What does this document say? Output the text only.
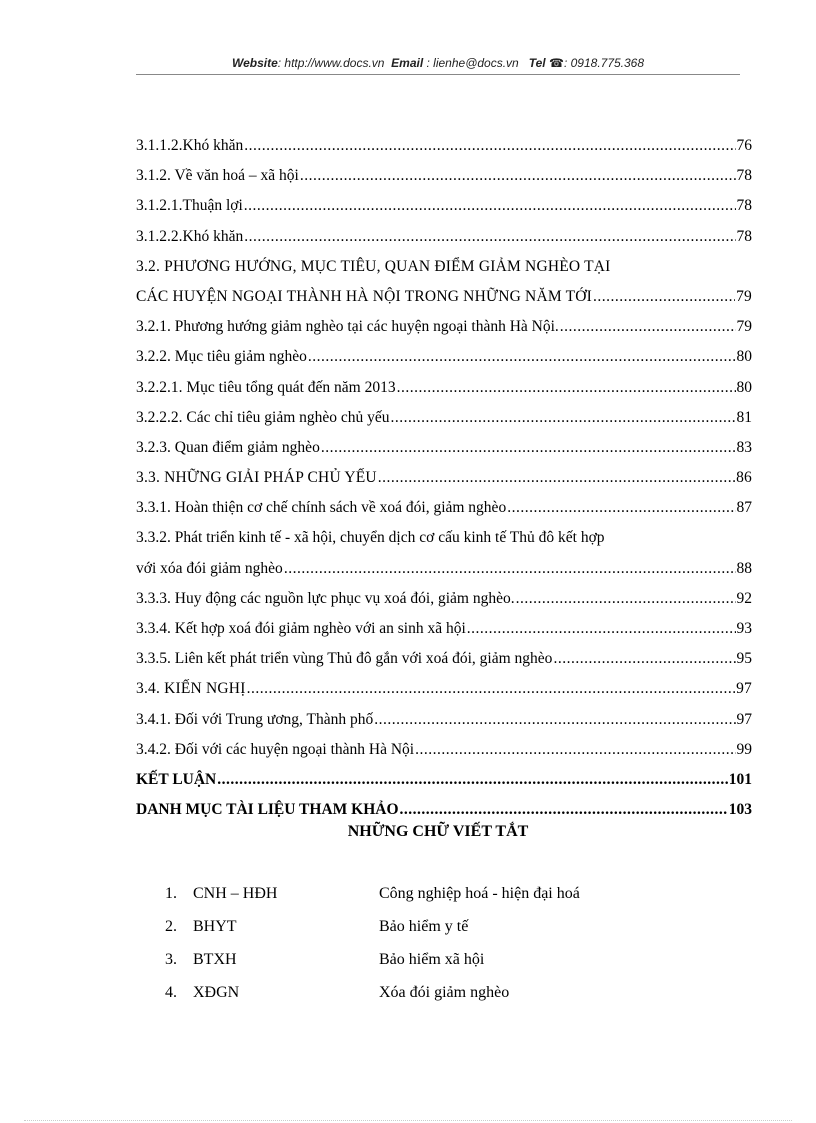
Website: http://www.docs.vn Email : lienhe@docs.vn Tel ☎: 0918.775.368
3.1.1.2.Khó khăn .....	76
3.1.2. Về văn hoá – xã hội .....	78
3.1.2.1.Thuận lợi .....	78
3.1.2.2.Khó khăn .....	78
3.2. PHƯƠNG HƯỚNG, MỤC TIÊU, QUAN ĐIỂM GIẢM NGHÈO TẠI
CÁC HUYỆN NGOẠI THÀNH HÀ NỘI TRONG NHỮNG NĂM TỚI .....	79
3.2.1. Phương hướng giảm nghèo tại các huyện ngoại thành Hà Nội. .....	79
3.2.2. Mục tiêu giảm nghèo .....	80
3.2.2.1. Mục tiêu tổng quát đến năm 2013 .....	80
3.2.2.2. Các chỉ tiêu giảm nghèo chủ yếu .....	81
3.2.3. Quan điểm giảm nghèo .....	83
3.3. NHỮNG GIẢI PHÁP CHỦ YẾU .....	86
3.3.1. Hoàn thiện cơ chế chính sách về xoá đói, giảm nghèo .....	87
3.3.2. Phát triển kinh tế - xã hội, chuyển dịch cơ cấu kinh tế Thủ đô kết hợp
với xóa đói giảm nghèo .....	88
3.3.3. Huy động các nguồn lực phục vụ xoá đói, giảm nghèo. .....	92
3.3.4. Kết hợp xoá đói giảm nghèo với an sinh xã hội .....	93
3.3.5. Liên kết phát triển vùng Thủ đô gắn với xoá đói, giảm nghèo .....	95
3.4. KIẾN NGHỊ .....	97
3.4.1. Đối với Trung ương, Thành phố .....	97
3.4.2. Đối với các huyện ngoại thành Hà Nội .....	99
KẾT LUẬN .....	101
DANH MỤC TÀI LIỆU THAM KHẢO .....	103
NHỮNG CHỮ VIẾT TẮT
1.	CNH – HĐH	Công nghiệp hoá - hiện đại hoá
2.	BHYT	Bảo hiểm y tế
3.	BTXH	Bảo hiểm xã hội
4.	XĐGN	Xóa đói giảm nghèo
